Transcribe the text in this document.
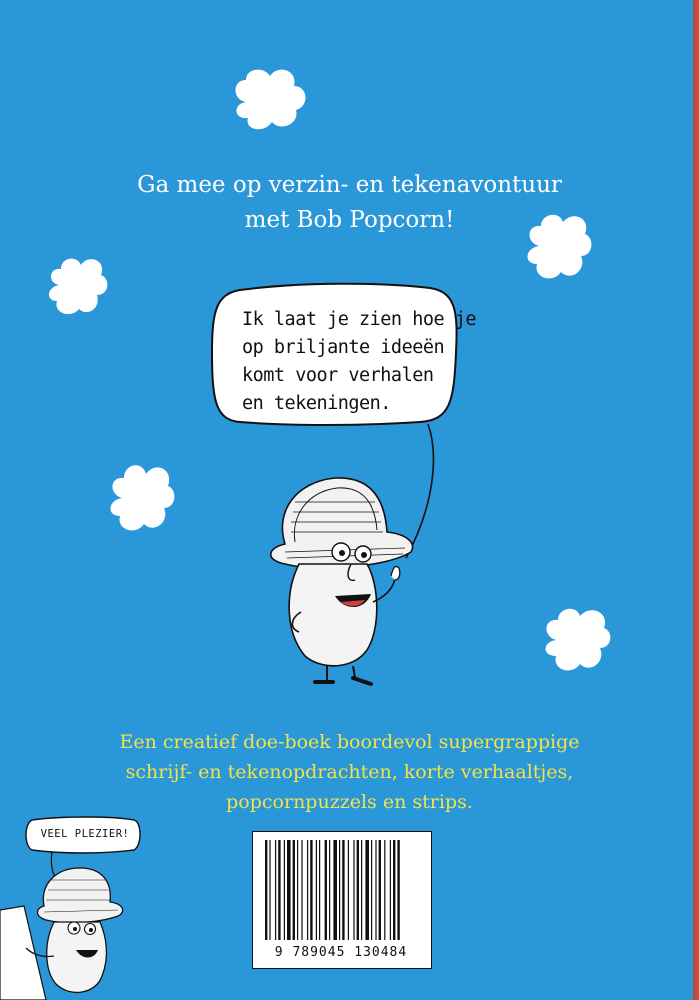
Ga mee op verzin- en tekenavontuur
met Bob Popcorn!
Ik laat je zien hoe je
op briljante ideeën
komt voor verhalen
en tekeningen.
Een creatief doe-boek boordevol supergrappige
schrijf- en tekenopdrachten, korte verhaaltjes,
popcornpuzzels en strips.
VEEL PLEZIER!
9 789045 130484
